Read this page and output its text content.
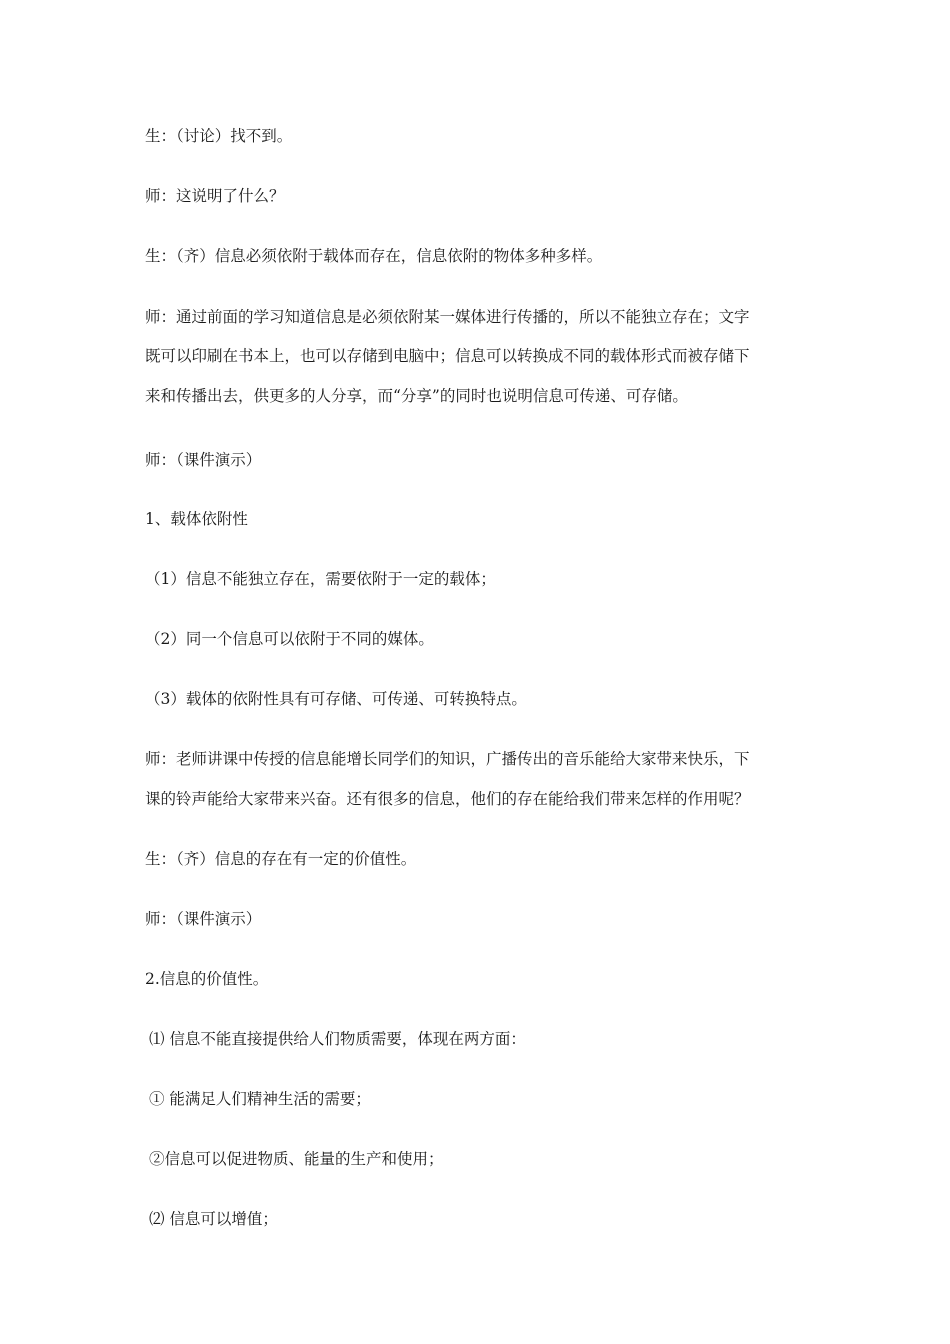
生：（讨论）找不到。
师：这说明了什么？
生：（齐）信息必须依附于载体而存在，信息依附的物体多种多样。
师：通过前面的学习知道信息是必须依附某一媒体进行传播的，所以不能独立存在；文字
既可以印刷在书本上，也可以存储到电脑中；信息可以转换成不同的载体形式而被存储下
来和传播出去，供更多的人分享，而“分享”的同时也说明信息可传递、可存储。
师：（课件演示）
1、载体依附性
（1）信息不能独立存在，需要依附于一定的载体；
（2）同一个信息可以依附于不同的媒体。
（3）载体的依附性具有可存储、可传递、可转换特点。
师：老师讲课中传授的信息能增长同学们的知识，广播传出的音乐能给大家带来快乐，下
课的铃声能给大家带来兴奋。还有很多的信息，他们的存在能给我们带来怎样的作用呢？
生：（齐）信息的存在有一定的价值性。
师：（课件演示）
2.信息的价值性。
⑴ 信息不能直接提供给人们物质需要，体现在两方面：
① 能满足人们精神生活的需要；
②信息可以促进物质、能量的生产和使用；
⑵ 信息可以增值；
